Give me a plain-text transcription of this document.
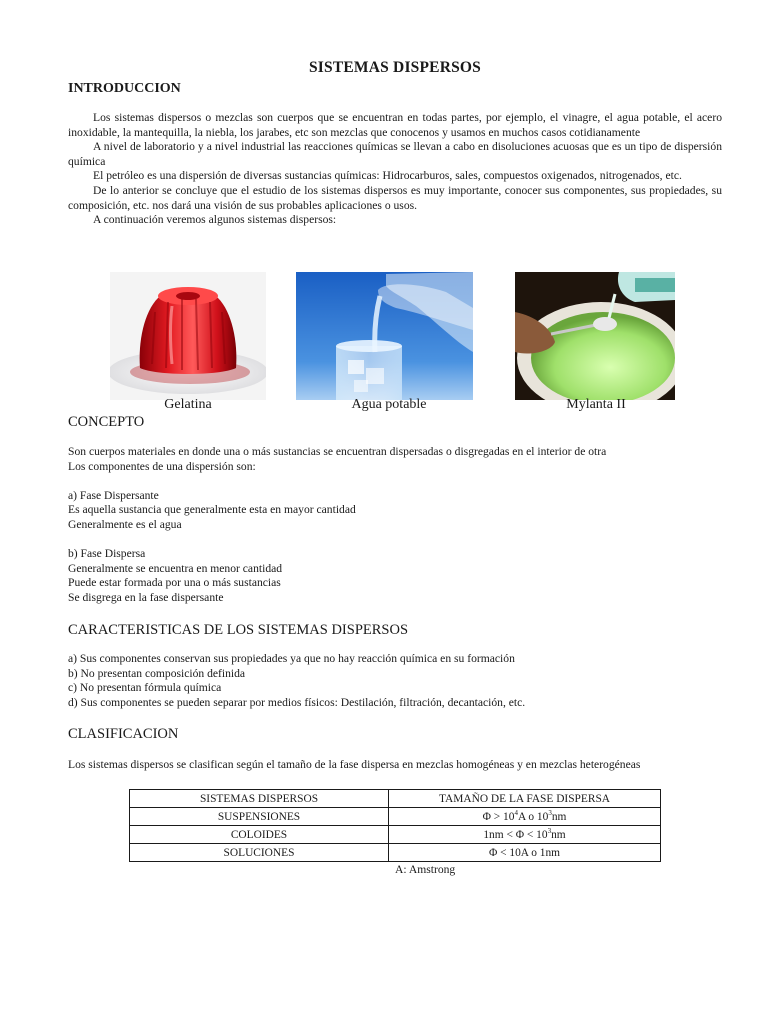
SISTEMAS DISPERSOS
INTRODUCCION

Los sistemas dispersos o mezclas son cuerpos que se encuentran en todas partes, por ejemplo, el vinagre, el agua potable, el acero inoxidable, la mantequilla, la niebla, los jarabes, etc son mezclas que conocenos y usamos en muchos casos cotidianamente

A nivel de laboratorio y a nivel industrial las reacciones químicas se llevan a cabo en disoluciones acuosas que es un tipo de dispersión química

El petróleo es una dispersión de diversas sustancias químicas: Hidrocarburos, sales, compuestos oxigenados, nitrogenados, etc.

De lo anterior se concluye que el estudio de los sistemas dispersos es muy importante, conocer sus componentes, sus propiedades, su composición, etc. nos dará una visión de sus probables aplicaciones o usos.

A continuación veremos algunos sistemas dispersos:

Gelatina	Agua potable	Mylanta II
CONCEPTO
Son cuerpos materiales en donde una o más sustancias se encuentran dispersadas o disgregadas en el interior de otra
Los componentes de una dispersión son:
a) Fase Dispersante
Es aquella sustancia que generalmente esta en mayor cantidad
Generalmente es el agua
b) Fase Dispersa
Generalmente se encuentra en menor cantidad
Puede estar formada por una o más sustancias
Se disgrega en la fase dispersante
CARACTERISTICAS DE LOS SISTEMAS DISPERSOS
a) Sus componentes conservan sus propiedades ya que no hay reacción química en su formación
b) No presentan composición definida
c) No presentan fórmula química
d) Sus componentes se pueden separar por medios físicos: Destilación, filtración, decantación, etc.
CLASIFICACION
Los sistemas dispersos se clasifican según el tamaño de la fase dispersa en mezclas homogéneas y en mezclas heterogéneas
SISTEMAS DISPERSOS	TAMAÑO DE LA FASE DISPERSA
SUSPENSIONES	$\Phi > 10^4A$ o $10^3nm$
COLOIDES	$1nm < \Phi < 10^3nm$
SOLUCIONES	Φ < 10A o 1nm
A: Amstrong
